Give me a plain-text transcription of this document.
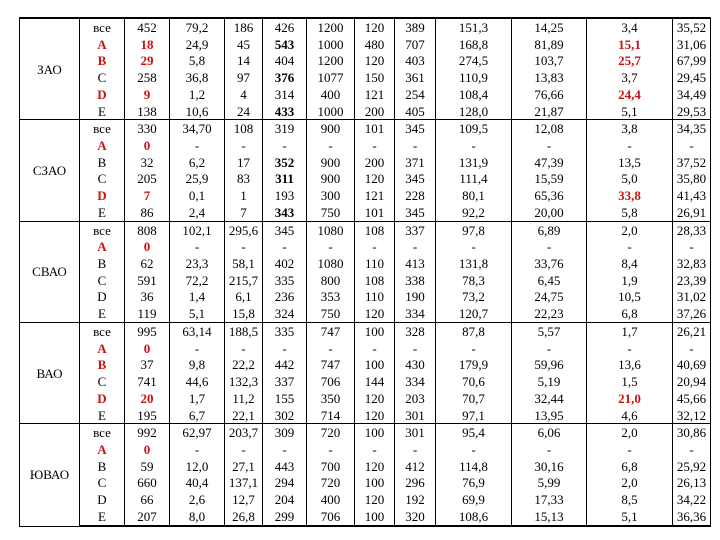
ЗАО	все	452	79,2	186	426	1200	120	389	151,3	14,25	3,4	35,52
	A	18	24,9	45	543	1000	480	707	168,8	81,89	15,1	31,06
	B	29	5,8	14	404	1200	120	403	274,5	103,7	25,7	67,99
	C	258	36,8	97	376	1077	150	361	110,9	13,83	3,7	29,45
	D	9	1,2	4	314	400	121	254	108,4	76,66	24,4	34,49
	E	138	10,6	24	433	1000	200	405	128,0	21,87	5,1	29,53
СЗАО	все	330	34,70	108	319	900	101	345	109,5	12,08	3,8	34,35
	A	0	-	-	-	-	-	-	-	-	-	-
	B	32	6,2	17	352	900	200	371	131,9	47,39	13,5	37,52
	C	205	25,9	83	311	900	120	345	111,4	15,59	5,0	35,80
	D	7	0,1	1	193	300	121	228	80,1	65,36	33,8	41,43
	E	86	2,4	7	343	750	101	345	92,2	20,00	5,8	26,91
СВАО	все	808	102,1	295,6	345	1080	108	337	97,8	6,89	2,0	28,33
	A	0	-	-	-	-	-	-	-	-	-	-
	B	62	23,3	58,1	402	1080	110	413	131,8	33,76	8,4	32,83
	C	591	72,2	215,7	335	800	108	338	78,3	6,45	1,9	23,39
	D	36	1,4	6,1	236	353	110	190	73,2	24,75	10,5	31,02
	E	119	5,1	15,8	324	750	120	334	120,7	22,23	6,8	37,26
ВАО	все	995	63,14	188,5	335	747	100	328	87,8	5,57	1,7	26,21
	A	0	-	-	-	-	-	-	-	-	-	-
	B	37	9,8	22,2	442	747	100	430	179,9	59,96	13,6	40,69
	C	741	44,6	132,3	337	706	144	334	70,6	5,19	1,5	20,94
	D	20	1,7	11,2	155	350	120	203	70,7	32,44	21,0	45,66
	E	195	6,7	22,1	302	714	120	301	97,1	13,95	4,6	32,12
ЮВАО	все	992	62,97	203,7	309	720	100	301	95,4	6,06	2,0	30,86
	A	0	-	-	-	-	-	-	-	-	-	-
	B	59	12,0	27,1	443	700	120	412	114,8	30,16	6,8	25,92
	C	660	40,4	137,1	294	720	100	296	76,9	5,99	2,0	26,13
	D	66	2,6	12,7	204	400	120	192	69,9	17,33	8,5	34,22
	E	207	8,0	26,8	299	706	100	320	108,6	15,13	5,1	36,36
